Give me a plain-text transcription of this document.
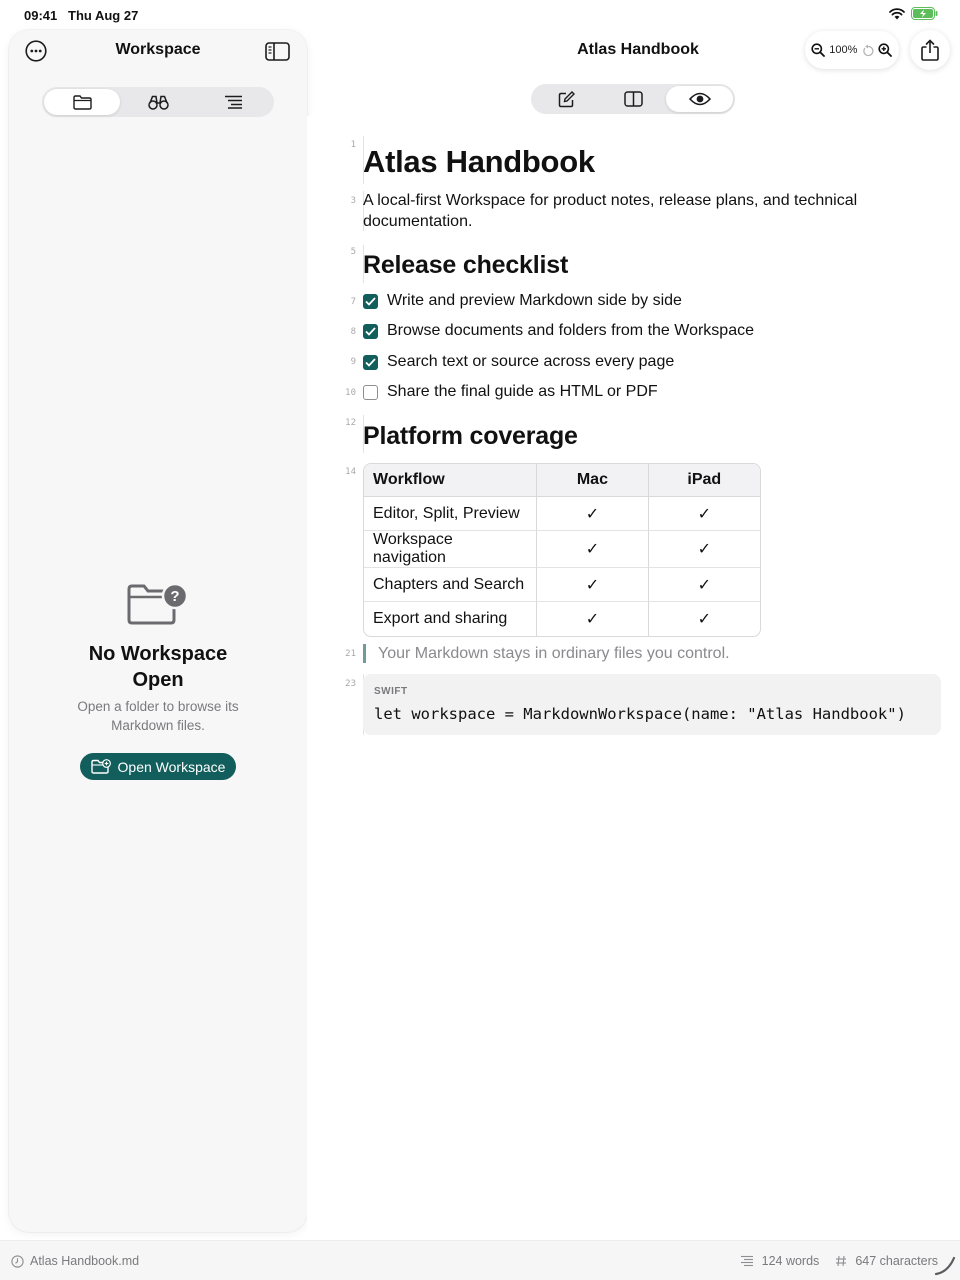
09:41 Thu Aug 27
Workspace
?
No Workspace Open
Open a folder to browse its Markdown files.
Open Workspace
Atlas Handbook	100%
1
3
5
7
8
9
10
12
14
21
23
Atlas Handbook
A local-first Workspace for product notes, release plans, and technical documentation.
Release checklist
Write and preview Markdown side by side
Browse documents and folders from the Workspace
Search text or source across every page
Share the final guide as HTML or PDF
Platform coverage
Workflow	Mac	iPad
Editor, Split, Preview	✓	✓
Workspace navigation	✓	✓
Chapters and Search	✓	✓
Export and sharing	✓	✓
Your Markdown stays in ordinary files you control.
SWIFT
let workspace = MarkdownWorkspace(name: "Atlas Handbook")
Atlas Handbook.md	124 words	647 characters
